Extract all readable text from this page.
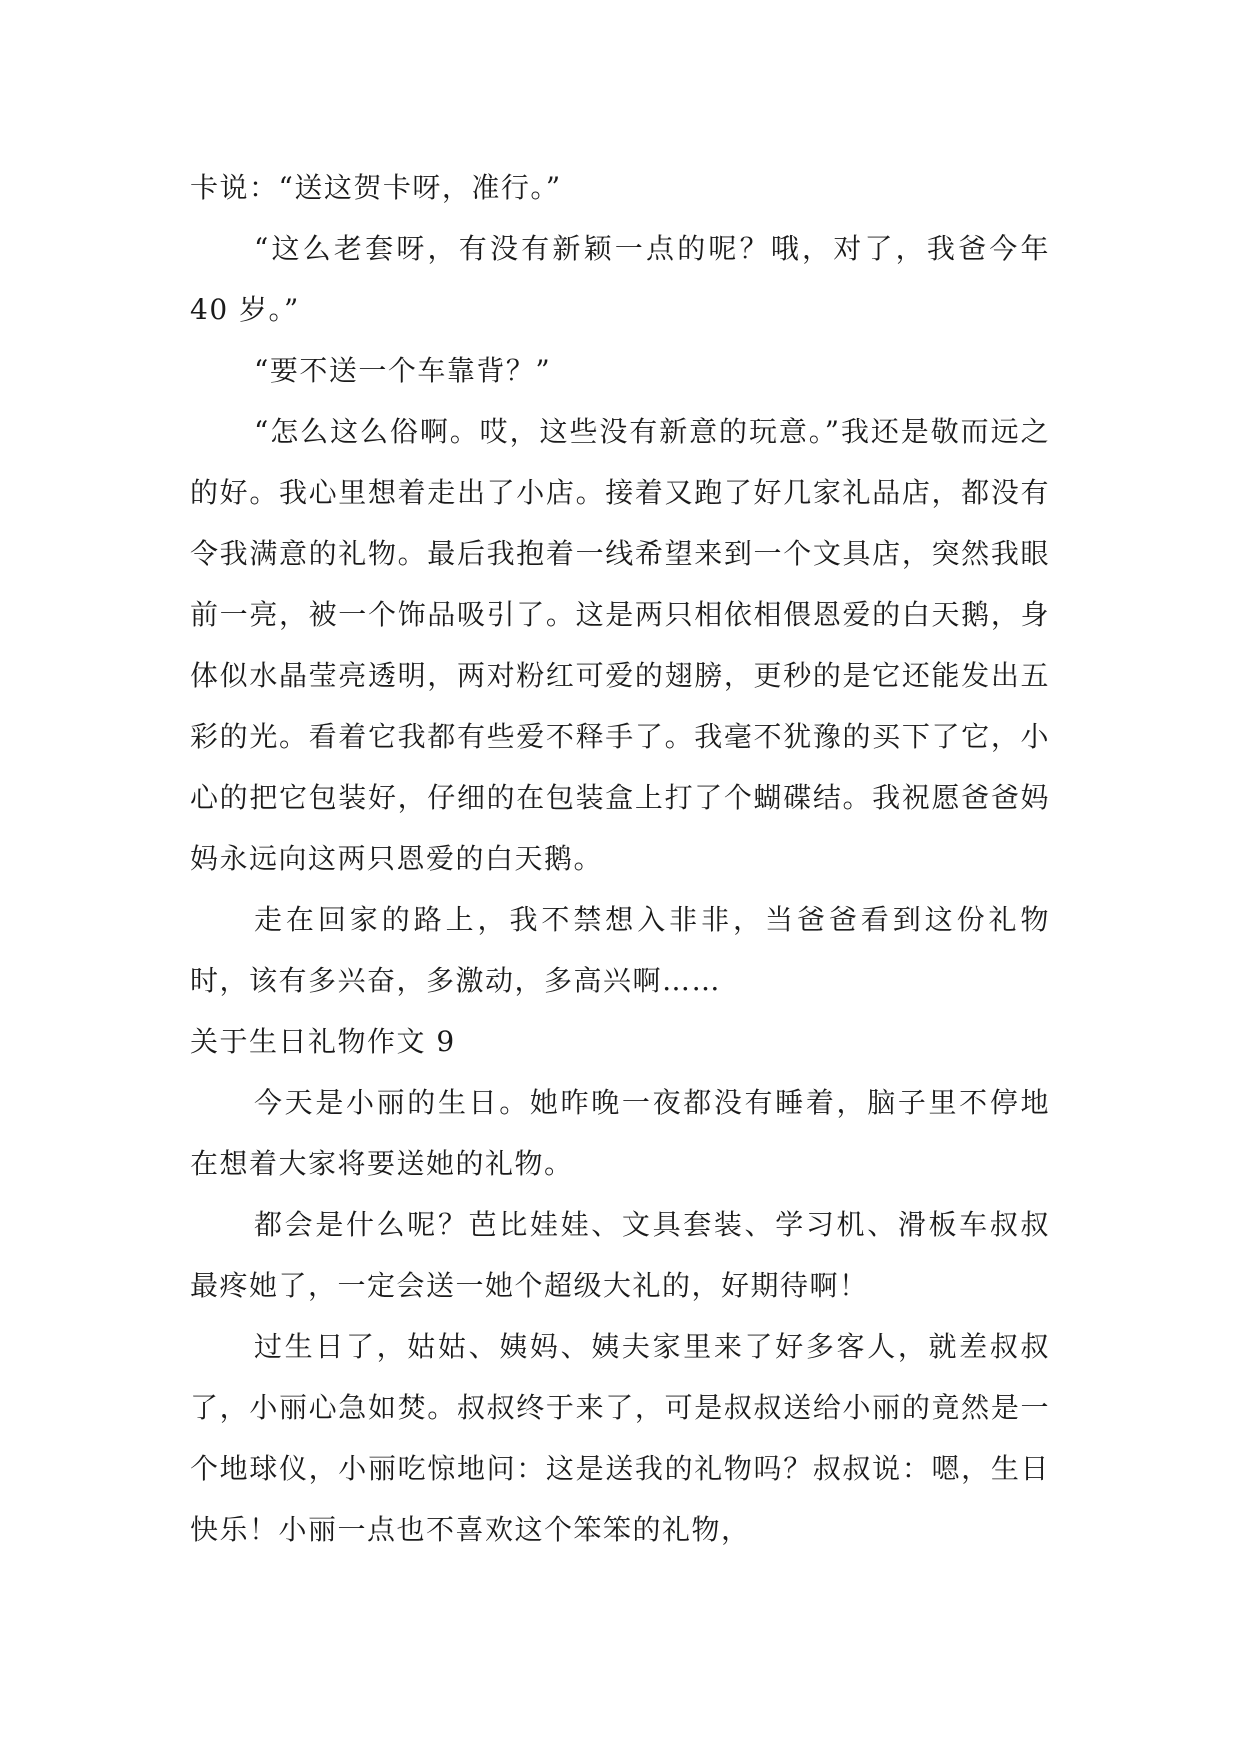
卡说：“送这贺卡呀，准行。”

“这么老套呀，有没有新颖一点的呢？哦，对了，我爸今年 40 岁。”

“要不送一个车靠背？”

“怎么这么俗啊。哎，这些没有新意的玩意。”我还是敬而远之的好。我心里想着走出了小店。接着又跑了好几家礼品店，都没有令我满意的礼物。最后我抱着一线希望来到一个文具店，突然我眼前一亮，被一个饰品吸引了。这是两只相依相偎恩爱的白天鹅，身体似水晶莹亮透明，两对粉红可爱的翅膀，更秒的是它还能发出五彩的光。看着它我都有些爱不释手了。我毫不犹豫的买下了它，小心的把它包装好，仔细的在包装盒上打了个蝴碟结。我祝愿爸爸妈妈永远向这两只恩爱的白天鹅。

走在回家的路上，我不禁想入非非，当爸爸看到这份礼物时，该有多兴奋，多激动，多高兴啊……

关于生日礼物作文 9

今天是小丽的生日。她昨晚一夜都没有睡着，脑子里不停地在想着大家将要送她的礼物。

都会是什么呢？芭比娃娃、文具套装、学习机、滑板车叔叔最疼她了，一定会送一她个超级大礼的，好期待啊！

过生日了，姑姑、姨妈、姨夫家里来了好多客人，就差叔叔了，小丽心急如焚。叔叔终于来了，可是叔叔送给小丽的竟然是一个地球仪，小丽吃惊地问：这是送我的礼物吗？叔叔说：嗯，生日快乐！小丽一点也不喜欢这个笨笨的礼物，
